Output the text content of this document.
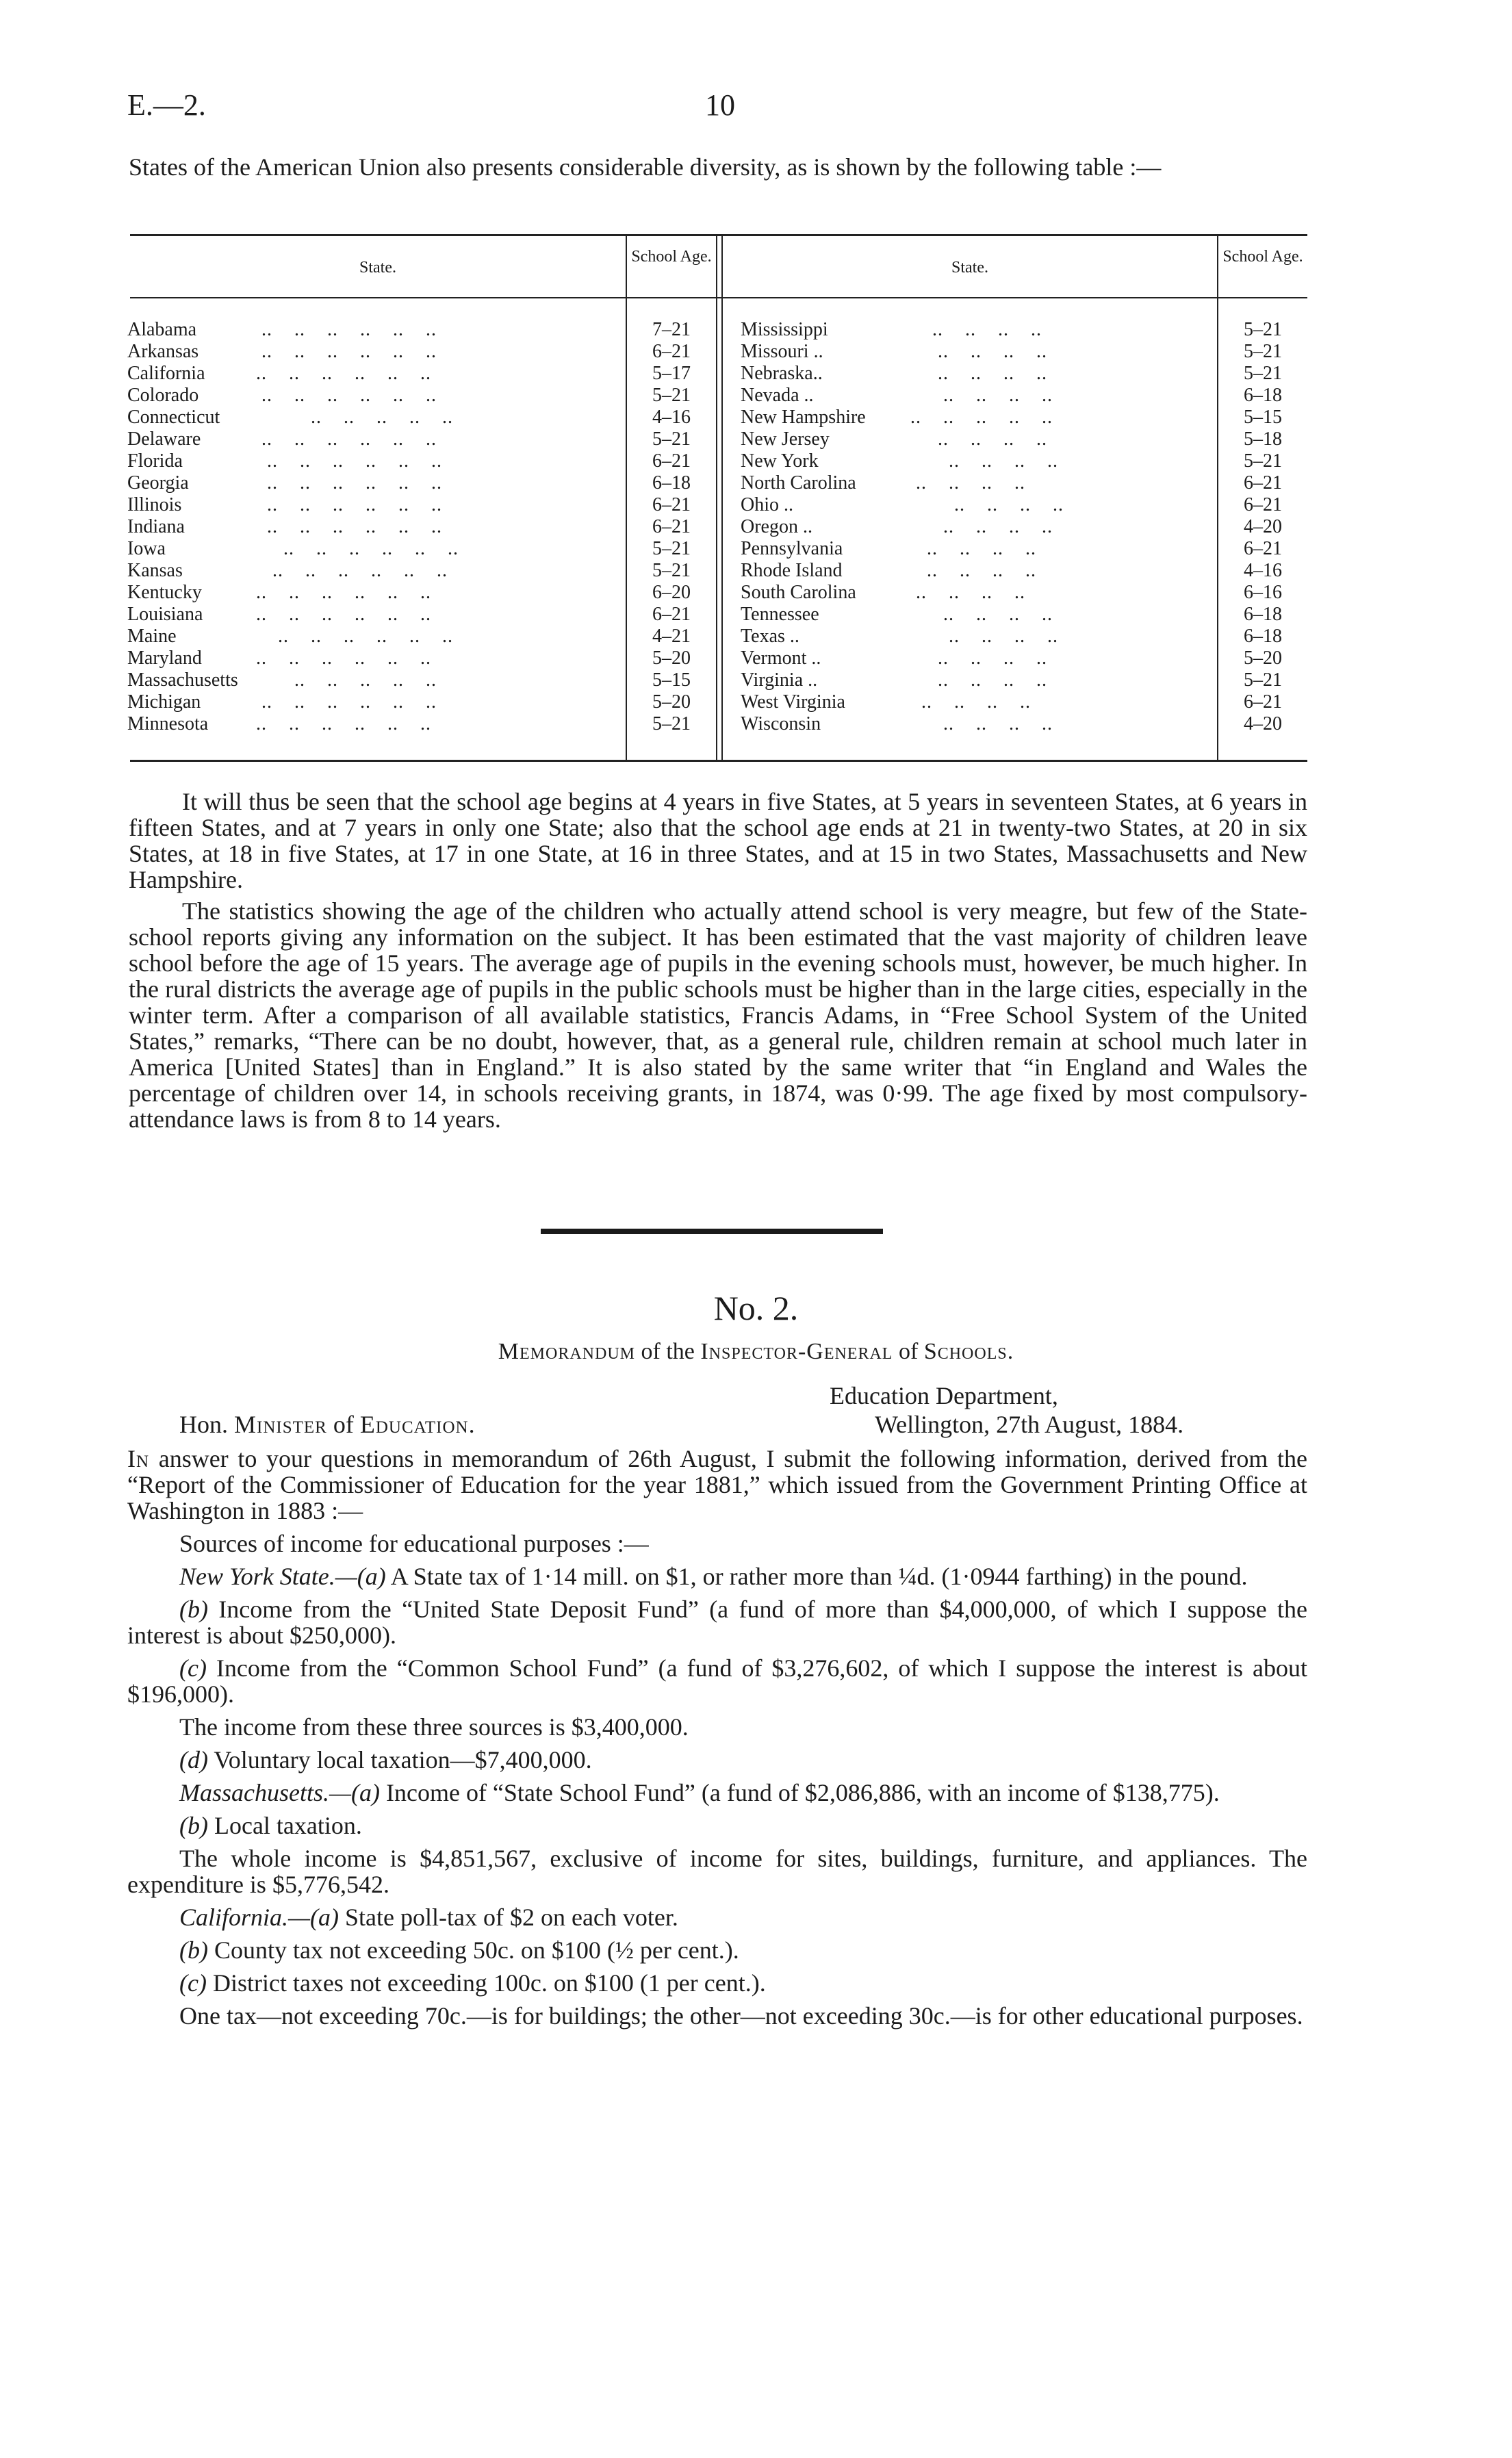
E.—2.	10
States of the American Union also presents considerable diversity, as is shown by the following table :—
State.
School Age.
State.
School Age.
Alabama	..    ..    ..    ..    ..    ..	7–21
Arkansas	..    ..    ..    ..    ..    ..	6–21
California ..    ..    ..    ..    ..    ..	5–17
Colorado	..    ..    ..    ..    ..    ..	5–21
Connecticut	..    ..    ..    ..    ..	4–16
Delaware	..    ..    ..    ..    ..    ..	5–21
Florida	..    ..    ..    ..    ..    ..	6–21
Georgia	..    ..    ..    ..    ..    ..	6–18
Illinois	..    ..    ..    ..    ..    ..	6–21
Indiana	..    ..    ..    ..    ..    ..	6–21
Iowa	..    ..    ..    ..    ..    ..	5–21
Kansas	..    ..    ..    ..    ..    ..	5–21
Kentucky	..    ..    ..    ..    ..    ..	6–20
Louisiana ..    ..    ..    ..    ..    ..	6–21
Maine	..    ..    ..    ..    ..    ..	4–21
Maryland	..    ..    ..    ..    ..    ..	5–20
Massachusetts ..    ..    ..    ..    ..	5–15
Michigan	..    ..    ..    ..    ..    ..	5–20
Minnesota ..    ..    ..    ..    ..    ..	5–21
Mississippi	..    ..    ..    ..	5–21
Missouri ..	..    ..    ..    ..	5–21
Nebraska..	..    ..    ..    ..	5–21
Nevada ..	..    ..    ..    ..	6–18
New Hampshire ..    ..    ..    ..    ..	5–15
New Jersey	..    ..    ..    ..	5–18
New York	..    ..    ..    ..	5–21
North Carolina	..    ..    ..    ..	6–21
Ohio ..	..    ..    ..    ..	6–21
Oregon ..	..    ..    ..    ..	4–20
Pennsylvania	..    ..    ..    ..	6–21
Rhode Island	..    ..    ..    ..	4–16
South Carolina	..    ..    ..    ..	6–16
Tennessee	..    ..    ..    ..	6–18
Texas ..	..    ..    ..    ..	6–18
Vermont ..	..    ..    ..    ..	5–20
Virginia ..	..    ..    ..    ..	5–21
West Virginia	..    ..    ..    ..	6–21
Wisconsin	..    ..    ..    ..	4–20

It will thus be seen that the school age begins at 4 years in five States, at 5 years in seventeen States, at 6 years in fifteen States, and at 7 years in only one State; also that the school age ends at 21 in twenty-two States, at 20 in six States, at 18 in five States, at 17 in one State, at 16 in three States, and at 15 in two States, Massachusetts and New Hampshire.

The statistics showing the age of the children who actually attend school is very meagre, but few of the State-school reports giving any information on the subject. It has been estimated that the vast majority of children leave school before the age of 15 years. The average age of pupils in the evening schools must, however, be much higher. In the rural districts the average age of pupils in the public schools must be higher than in the large cities, especially in the winter term. After a comparison of all available statistics, Francis Adams, in “Free School System of the United States,” remarks, “There can be no doubt, however, that, as a general rule, children remain at school much later in America [United States] than in England.” It is also stated by the same writer that “in England and Wales the percentage of children over 14, in schools receiving grants, in 1874, was 0·99. The age fixed by most compulsory-attendance laws is from 8 to 14 years.

No. 2.
Memorandum of the Inspector-General of Schools.
Education Department,
Hon. Minister of Education.	Wellington, 27th August, 1884.

In answer to your questions in memorandum of 26th August, I submit the following information, derived from the “Report of the Commissioner of Education for the year 1881,” which issued from the Government Printing Office at Washington in 1883 :—

Sources of income for educational purposes :—

New York State.—(a) A State tax of 1·14 mill. on $1, or rather more than ¼d. (1·0944 farthing) in the pound.

(b) Income from the “United State Deposit Fund” (a fund of more than $4,000,000, of which I suppose the interest is about $250,000).

(c) Income from the “Common School Fund” (a fund of $3,276,602, of which I suppose the interest is about $196,000).

The income from these three sources is $3,400,000.

(d) Voluntary local taxation—$7,400,000.

Massachusetts.—(a) Income of “State School Fund” (a fund of $2,086,886, with an income of $138,775).

(b) Local taxation.

The whole income is $4,851,567, exclusive of income for sites, buildings, furniture, and appliances. The expenditure is $5,776,542.

California.—(a) State poll-tax of $2 on each voter.

(b) County tax not exceeding 50c. on $100 (½ per cent.).

(c) District taxes not exceeding 100c. on $100 (1 per cent.).

One tax—not exceeding 70c.—is for buildings; the other—not exceeding 30c.—is for other educational purposes.
